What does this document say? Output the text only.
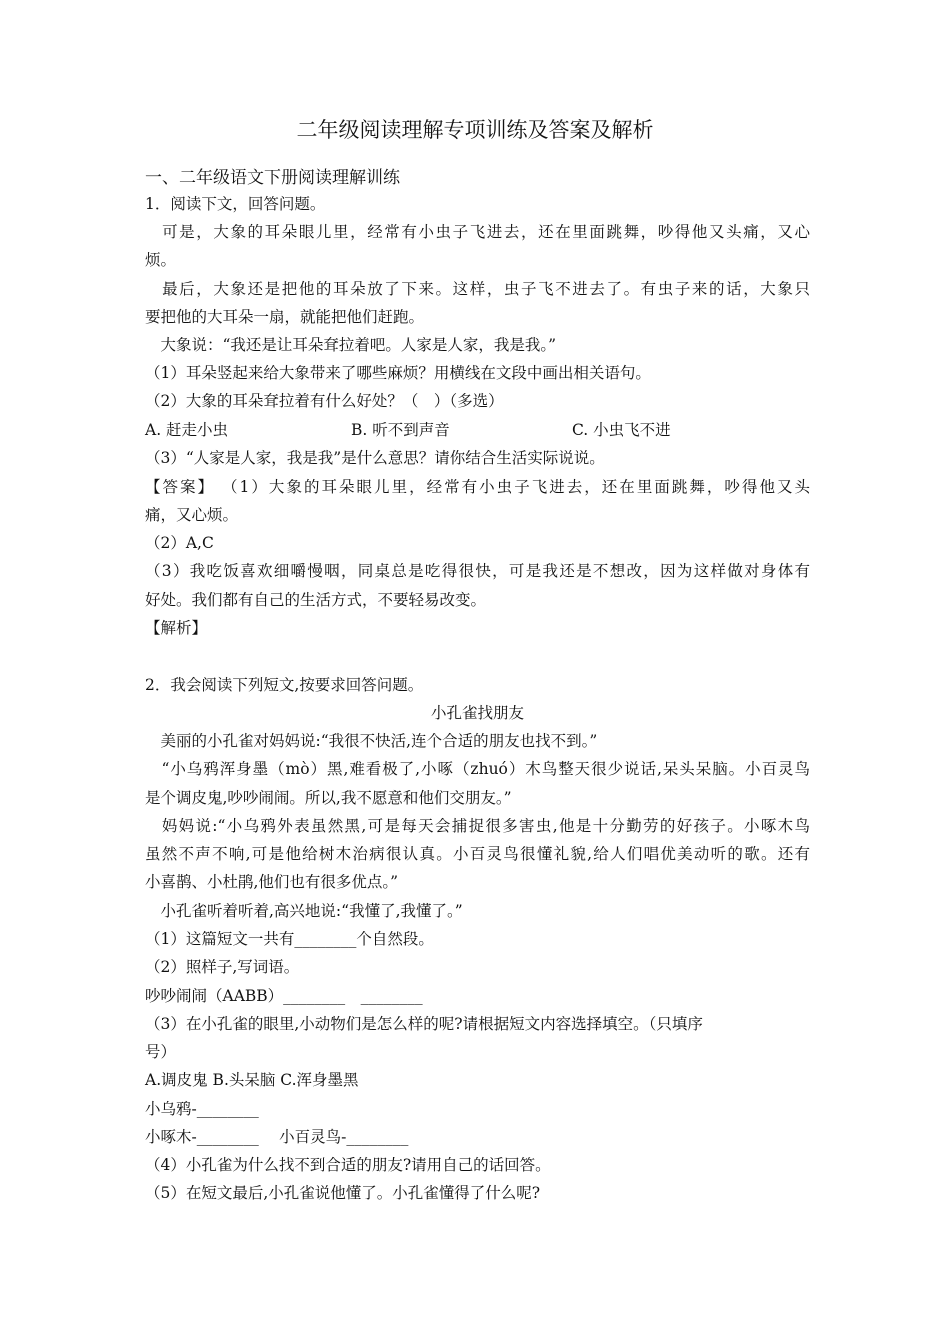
二年级阅读理解专项训练及答案及解析
一、二年级语文下册阅读理解训练
1．阅读下文，回答问题。
　可是，大象的耳朵眼儿里，经常有小虫子飞进去，还在里面跳舞，吵得他又头痛，又心
烦。
　最后，大象还是把他的耳朵放了下来。这样，虫子飞不进去了。有虫子来的话，大象只
要把他的大耳朵一扇，就能把他们赶跑。
　大象说：“我还是让耳朵耷拉着吧。人家是人家，我是我。”
（1）耳朵竖起来给大象带来了哪些麻烦？用横线在文段中画出相关语句。
（2）大象的耳朵耷拉着有什么好处？（　）（多选）
A. 赶走小虫	B. 听不到声音	C. 小虫飞不进
（3）“人家是人家，我是我”是什么意思？请你结合生活实际说说。
【答案】 （1）大象的耳朵眼儿里，经常有小虫子飞进去，还在里面跳舞，吵得他又头
痛，又心烦。
（2）A,C
（3）我吃饭喜欢细嚼慢咽，同桌总是吃得很快，可是我还是不想改，因为这样做对身体有
好处。我们都有自己的生活方式，不要轻易改变。
【解析】
2．我会阅读下列短文,按要求回答问题。
小孔雀找朋友
　美丽的小孔雀对妈妈说:“我很不快活,连个合适的朋友也找不到。”
　“小乌鸦浑身墨（mò）黑,难看极了,小啄（zhuó）木鸟整天很少说话,呆头呆脑。小百灵鸟
是个调皮鬼,吵吵闹闹。所以,我不愿意和他们交朋友。”
　妈妈说:“小乌鸦外表虽然黑,可是每天会捕捉很多害虫,他是十分勤劳的好孩子。小啄木鸟
虽然不声不响,可是他给树木治病很认真。小百灵鸟很懂礼貌,给人们唱优美动听的歌。还有
小喜鹊、小杜鹃,他们也有很多优点。”
　小孔雀听着听着,高兴地说:“我懂了,我懂了。”
（1）这篇短文一共有________个自然段。
（2）照样子,写词语。
吵吵闹闹（AABB）________　________
（3）在小孔雀的眼里,小动物们是怎么样的呢?请根据短文内容选择填空。（只填序
号）
A.调皮鬼 B.头呆脑 C.浑身墨黑
小乌鸦-________
小啄木-________　 小百灵鸟-________
（4）小孔雀为什么找不到合适的朋友?请用自己的话回答。
（5）在短文最后,小孔雀说他懂了。小孔雀懂得了什么呢?
